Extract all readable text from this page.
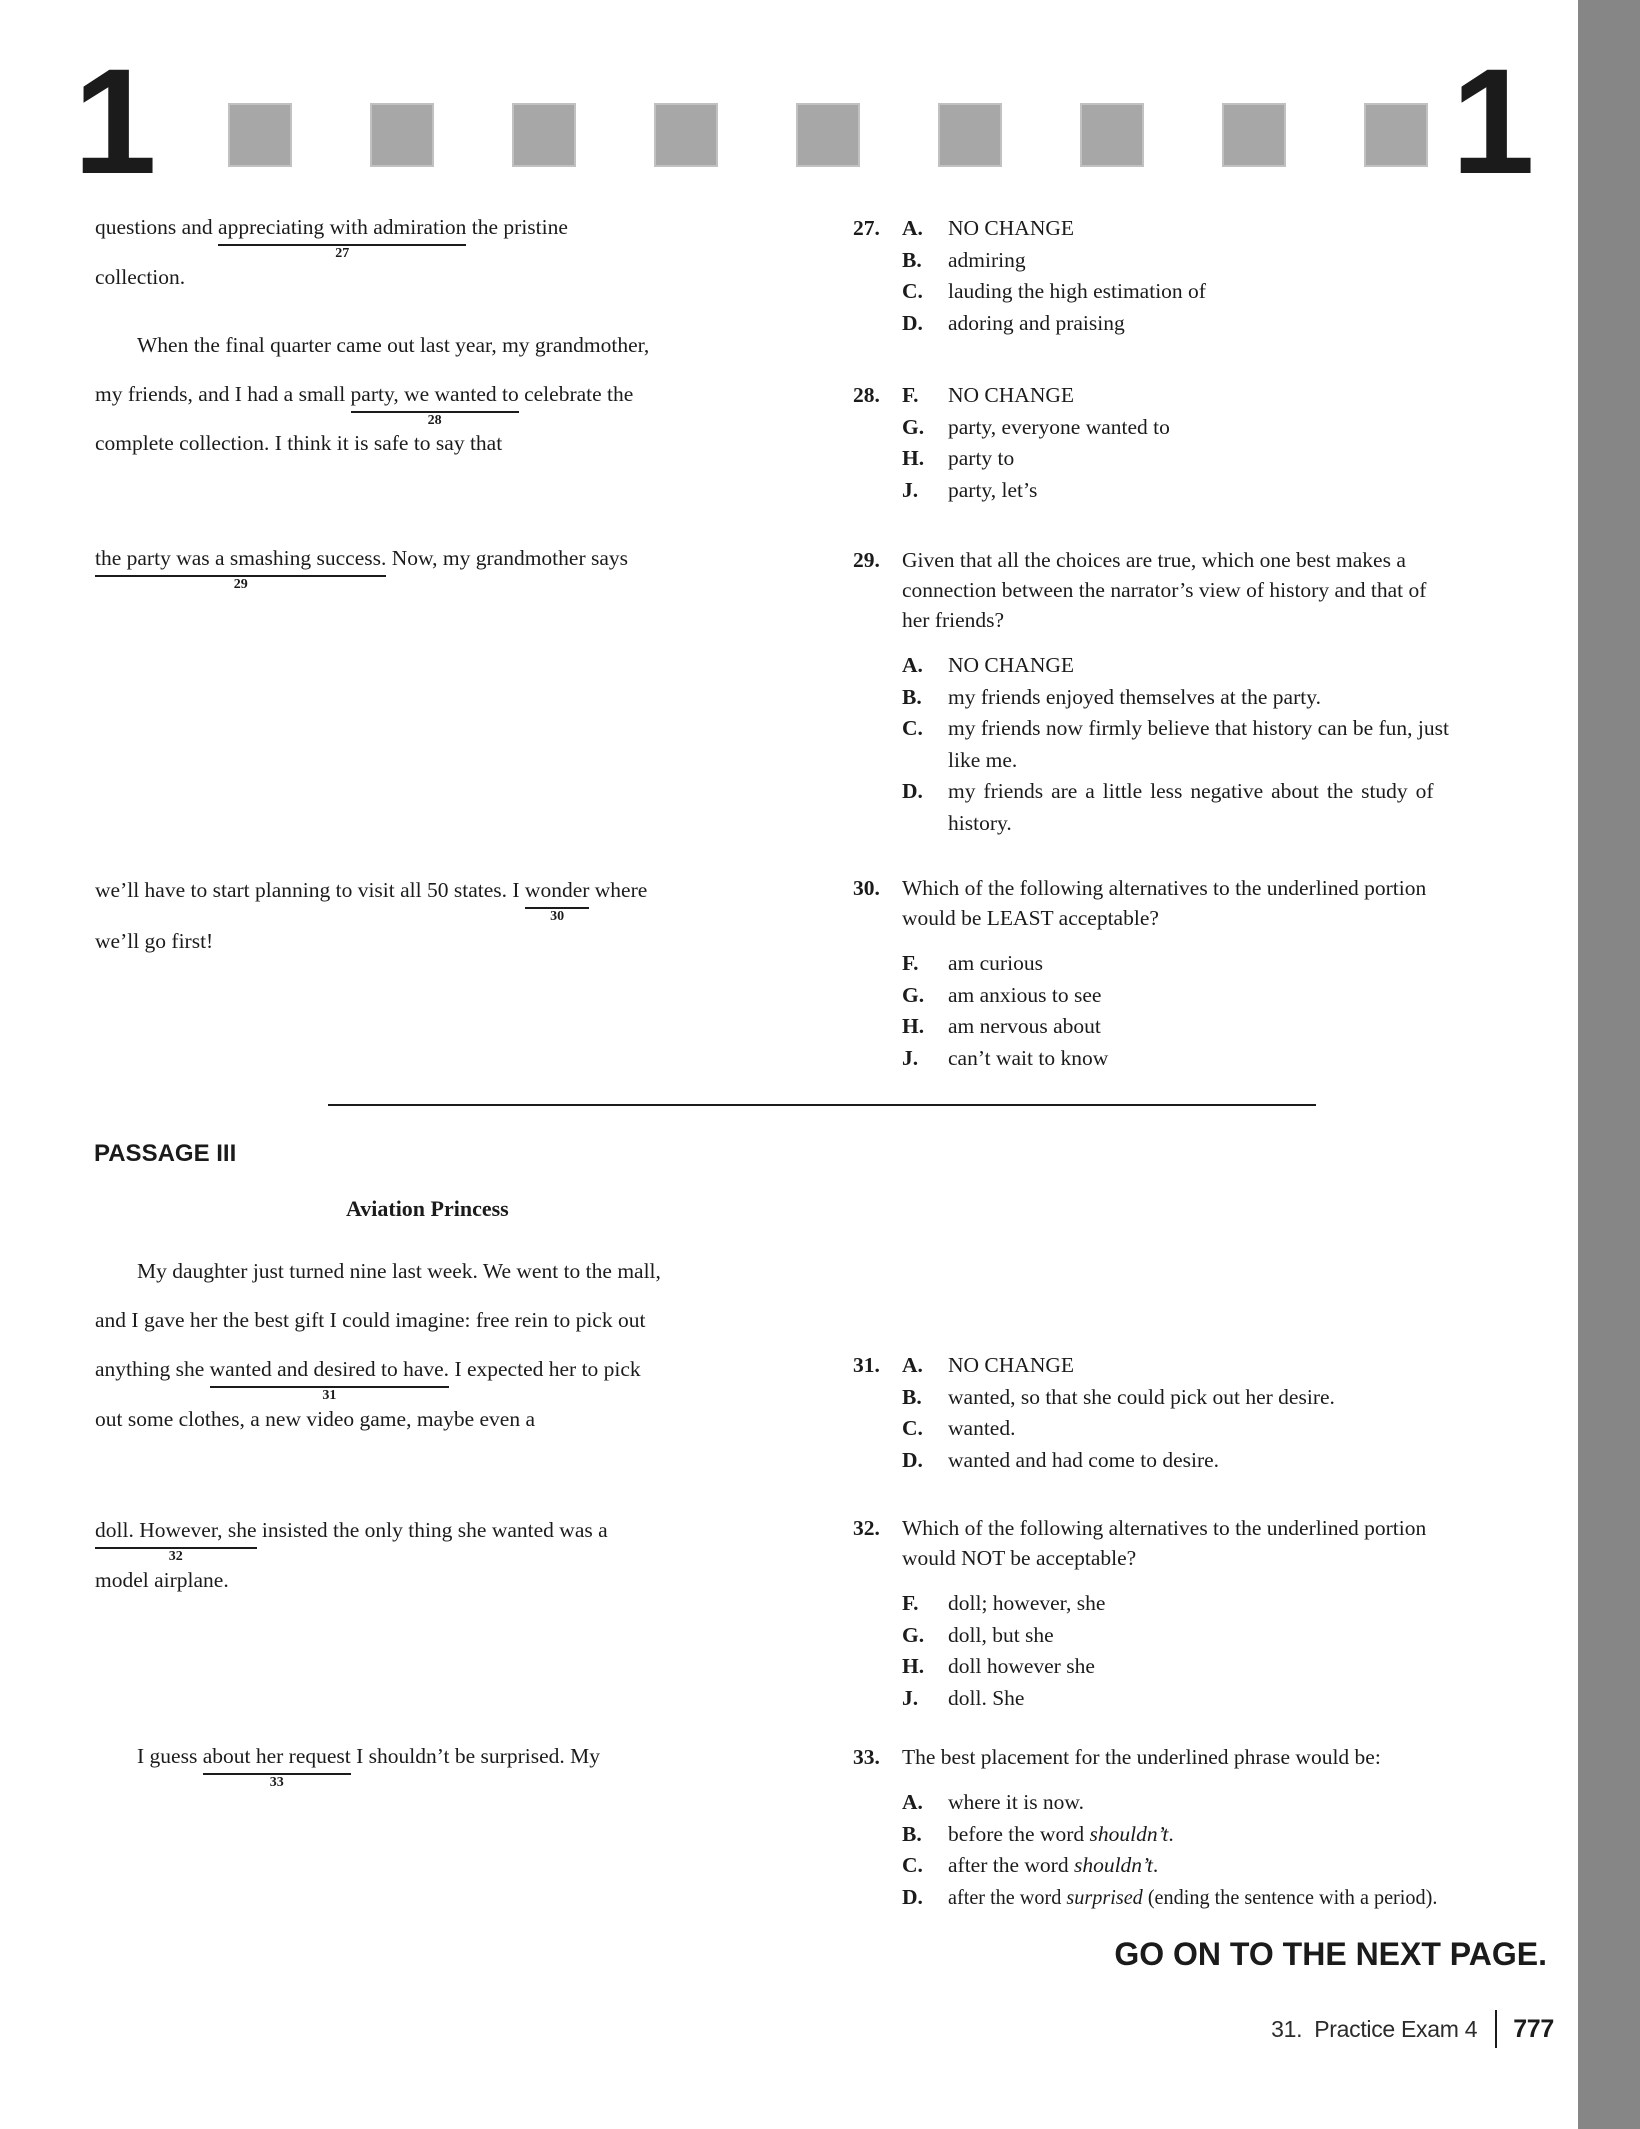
1	1
questions and appreciating with admiration
27
the pristine
collection.
When the final quarter came out last year, my grandmother,
my friends, and I had a small party, we wanted to
28
celebrate the
complete collection. I think it is safe to say that
the party was a smashing success.
29
Now, my grandmother says
we’ll have to start planning to visit all 50 states. I wonder
30
where
we’ll go first!
My daughter just turned nine last week. We went to the mall,
and I gave her the best gift I could imagine: free rein to pick out
anything she wanted and desired to have.
31
I expected her to pick
out some clothes, a new video game, maybe even a
doll. However, she
32
insisted the only thing she wanted was a
model airplane.
I guess about her request
33
I shouldn’t be surprised. My
PASSAGE III
Aviation Princess
27. A.	NO CHANGE
B.	admiring
C.	lauding the high estimation of
D.	adoring and praising
28. F.	NO CHANGE
G.	party, everyone wanted to
H.	party to
J.	party, let’s
29. Given that all the choices are true, which one best makes a
connection between the narrator’s view of history and that of
her friends?
A.	NO CHANGE
B.	my friends enjoyed themselves at the party.
C.	my friends now firmly believe that history can be fun, just
like me.
D.	my friends are a little less negative about the study of
history.
30. Which of the following alternatives to the underlined portion
would be LEAST acceptable?
F.	am curious
G.	am anxious to see
H.	am nervous about
J.	can’t wait to know
31. A.	NO CHANGE
B.	wanted, so that she could pick out her desire.
C.	wanted.
D.	wanted and had come to desire.
32. Which of the following alternatives to the underlined portion
would NOT be acceptable?
F.	doll; however, she
G.	doll, but she
H.	doll however she
J.	doll. She
33. The best placement for the underlined phrase would be:
A.	where it is now.
B.	before the word shouldn’t.
C.	after the word shouldn’t.
D.	after the word surprised (ending the sentence with a period).
GO ON TO THE NEXT PAGE.
31. Practice Exam 4 777
